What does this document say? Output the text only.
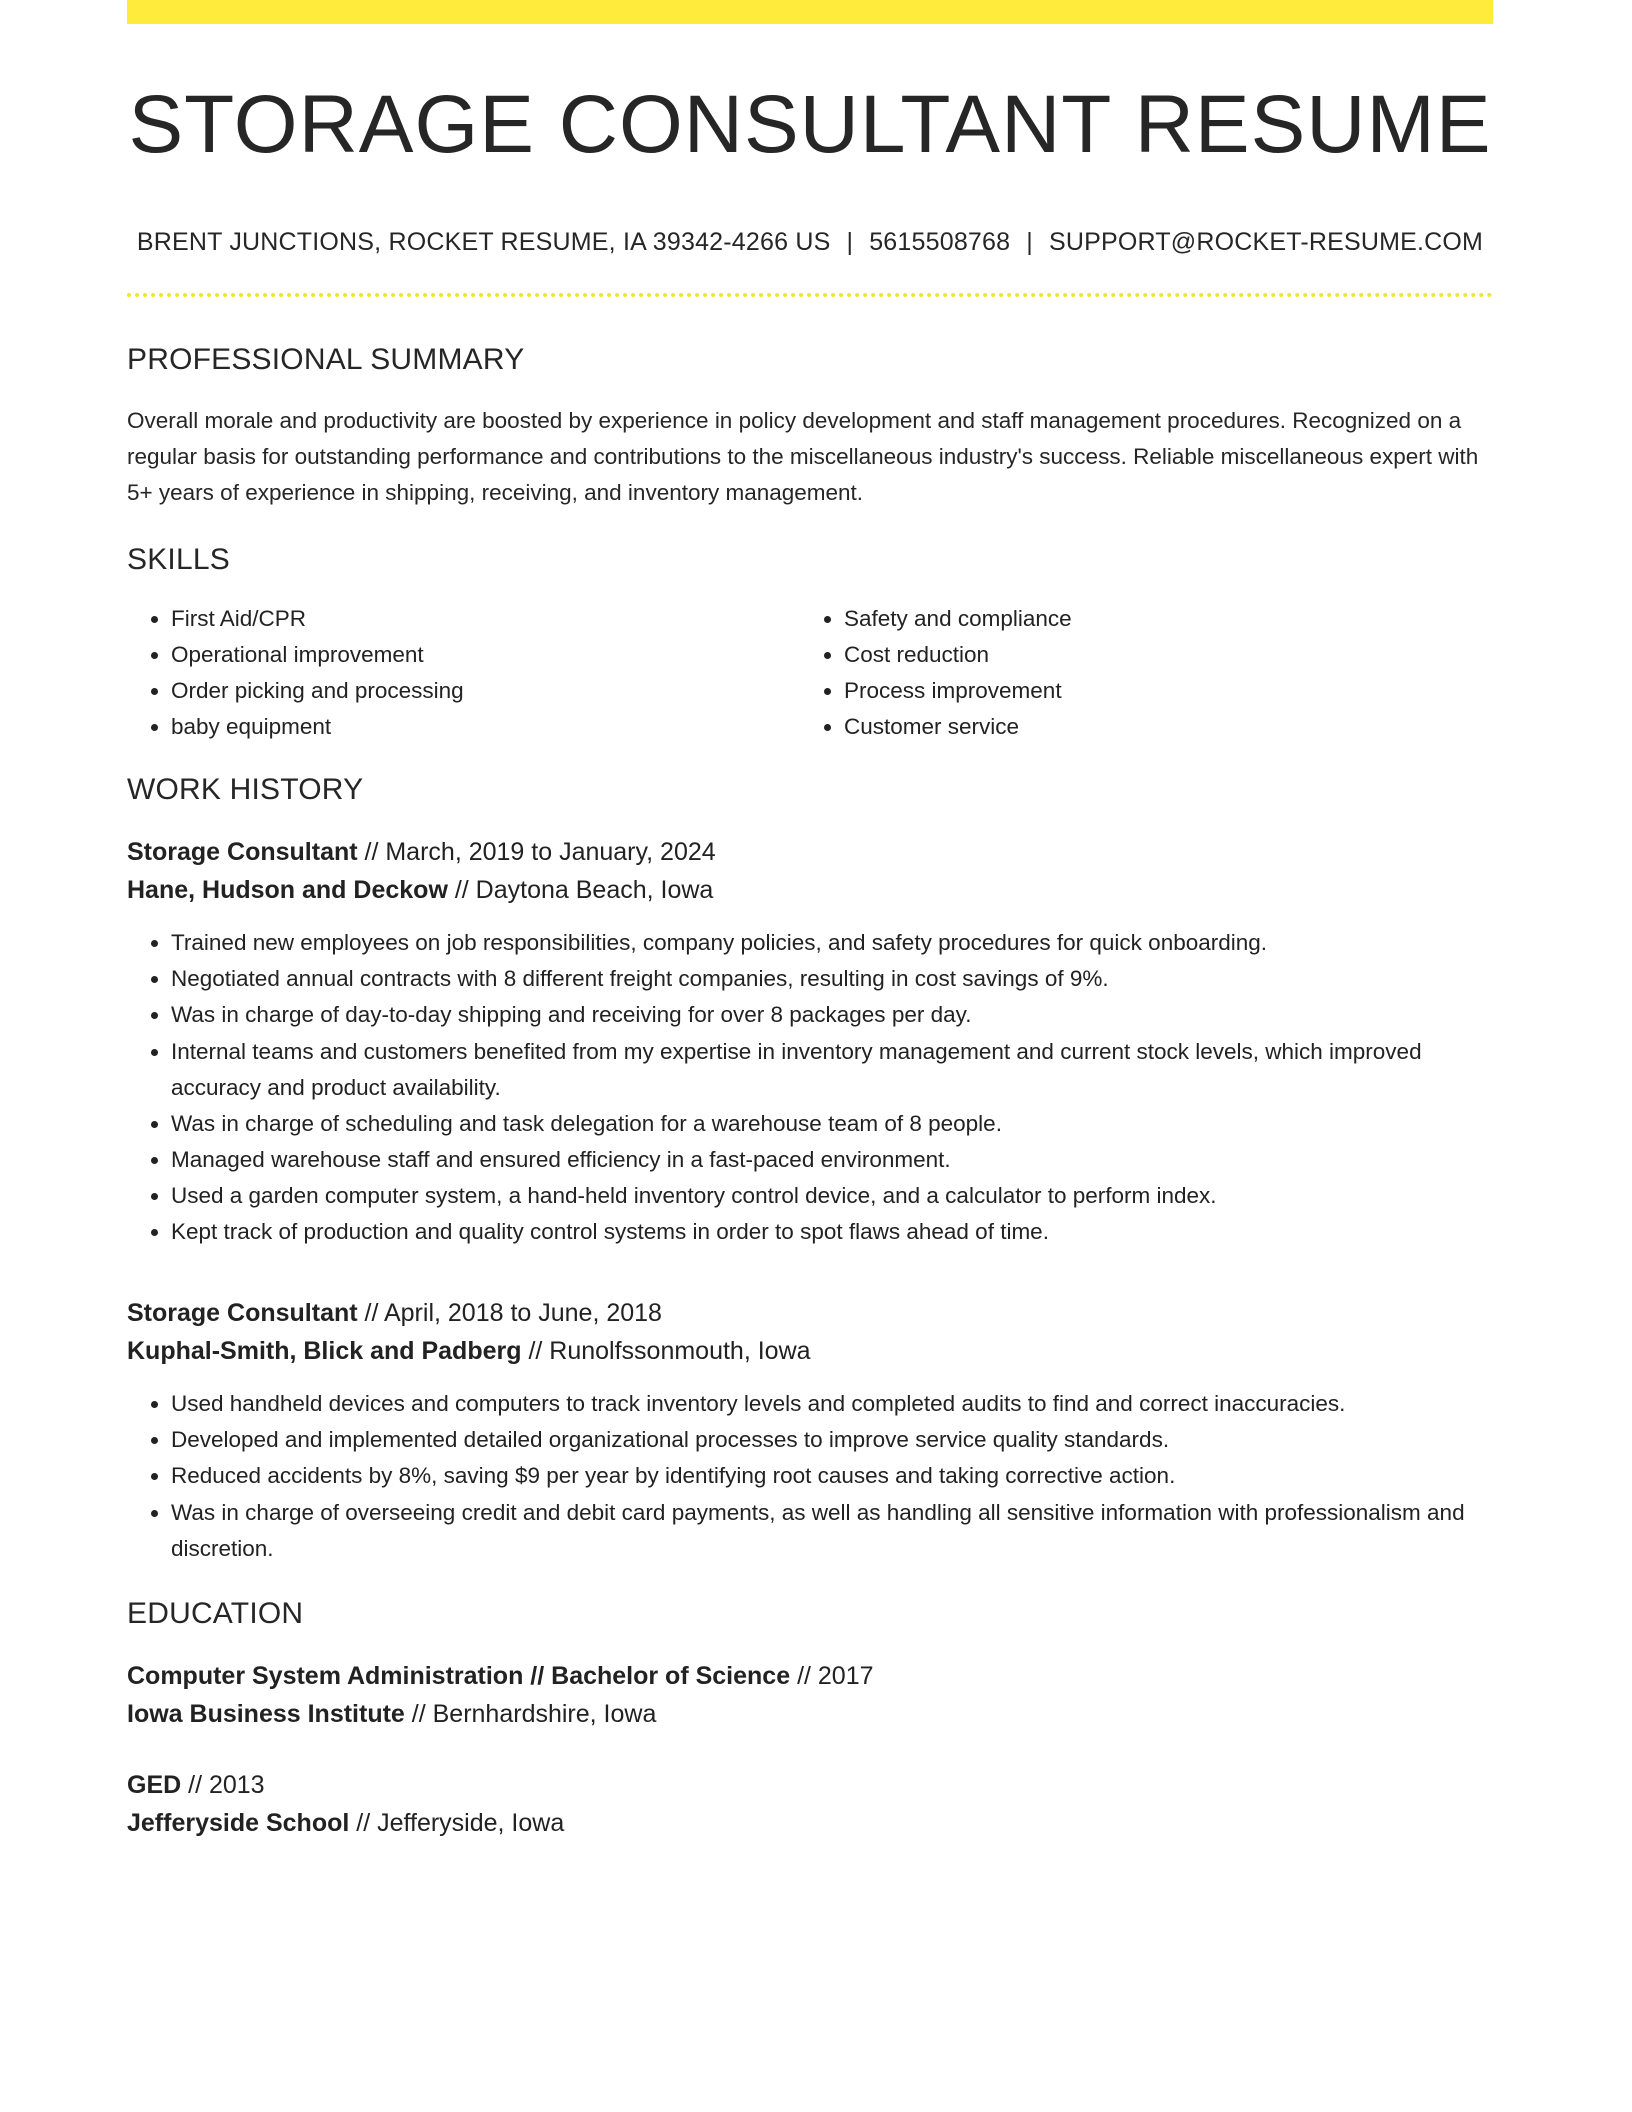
STORAGE CONSULTANT RESUME
BRENT JUNCTIONS, ROCKET RESUME, IA 39342-4266 US | 5615508768 | SUPPORT@ROCKET-RESUME.COM
PROFESSIONAL SUMMARY

Overall morale and productivity are boosted by experience in policy development and staff management procedures. Recognized on a regular basis for outstanding performance and contributions to the miscellaneous industry's success. Reliable miscellaneous expert with 5+ years of experience in shipping, receiving, and inventory management.

SKILLS
• First Aid/CPR
• Operational improvement
• Order picking and processing
• baby equipment
• Safety and compliance
• Cost reduction
• Process improvement
• Customer service
WORK HISTORY
Storage Consultant // March, 2019 to January, 2024
Hane, Hudson and Deckow // Daytona Beach, Iowa
• Trained new employees on job responsibilities, company policies, and safety procedures for quick onboarding.
• Negotiated annual contracts with 8 different freight companies, resulting in cost savings of 9%.
• Was in charge of day-to-day shipping and receiving for over 8 packages per day.
• Internal teams and customers benefited from my expertise in inventory management and current stock levels, which improved accuracy and product availability.
• Was in charge of scheduling and task delegation for a warehouse team of 8 people.
• Managed warehouse staff and ensured efficiency in a fast-paced environment.
• Used a garden computer system, a hand-held inventory control device, and a calculator to perform index.
• Kept track of production and quality control systems in order to spot flaws ahead of time.
Storage Consultant // April, 2018 to June, 2018
Kuphal-Smith, Blick and Padberg // Runolfssonmouth, Iowa
• Used handheld devices and computers to track inventory levels and completed audits to find and correct inaccuracies.
• Developed and implemented detailed organizational processes to improve service quality standards.
• Reduced accidents by 8%, saving $9 per year by identifying root causes and taking corrective action.
• Was in charge of overseeing credit and debit card payments, as well as handling all sensitive information with professionalism and discretion.
EDUCATION
Computer System Administration // Bachelor of Science // 2017
Iowa Business Institute // Bernhardshire, Iowa
GED // 2013
Jefferyside School // Jefferyside, Iowa
